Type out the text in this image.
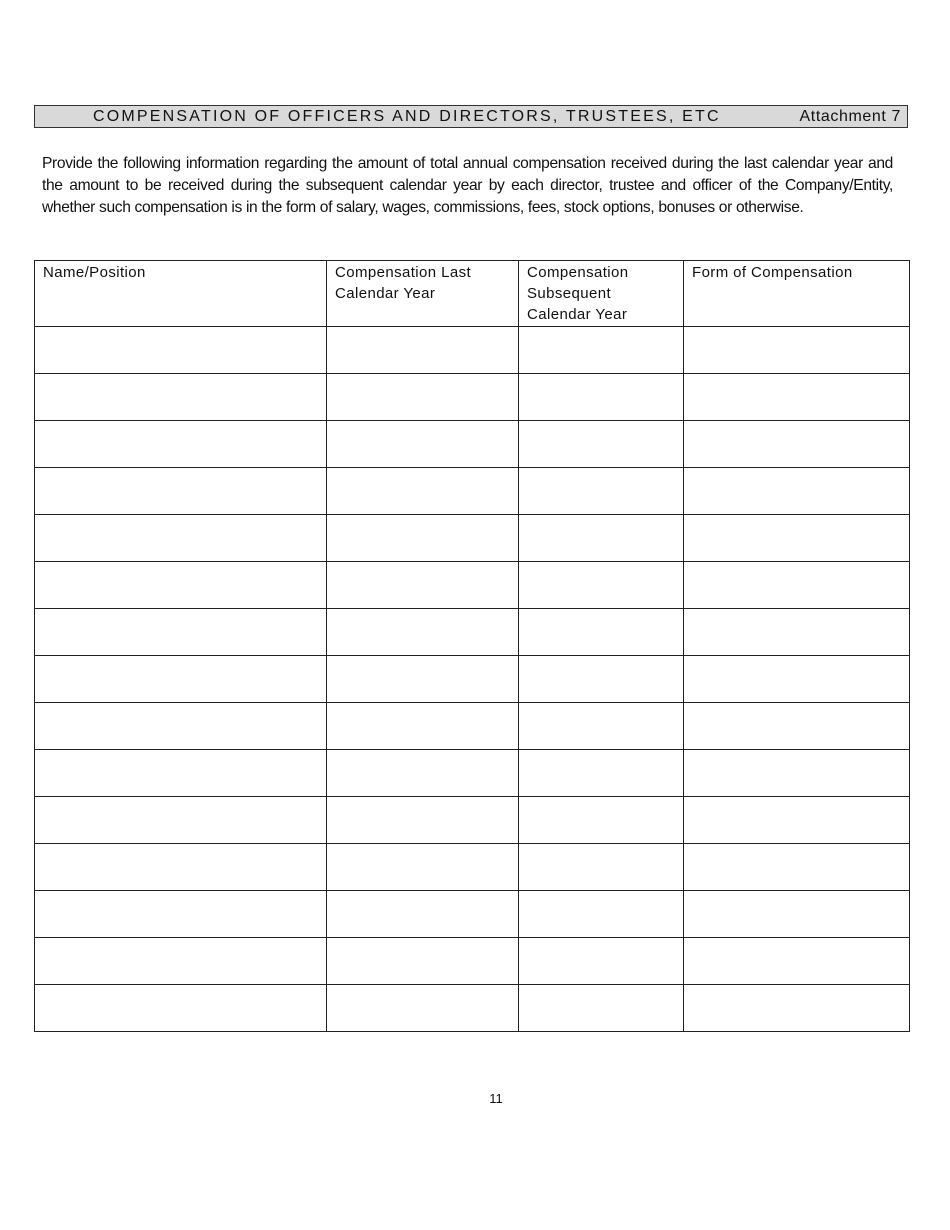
COMPENSATION OF OFFICERS AND DIRECTORS, TRUSTEES, ETC	Attachment 7

Provide the following information regarding the amount of total annual compensation received during the last calendar year and the amount to be received during the subsequent calendar year by each director, trustee and officer of the Company/Entity, whether such compensation is in the form of salary, wages, commissions, fees, stock options, bonuses or otherwise.

Name/Position	Compensation Last Calendar Year	Compensation Subsequent Calendar Year	Form of Compensation

11
